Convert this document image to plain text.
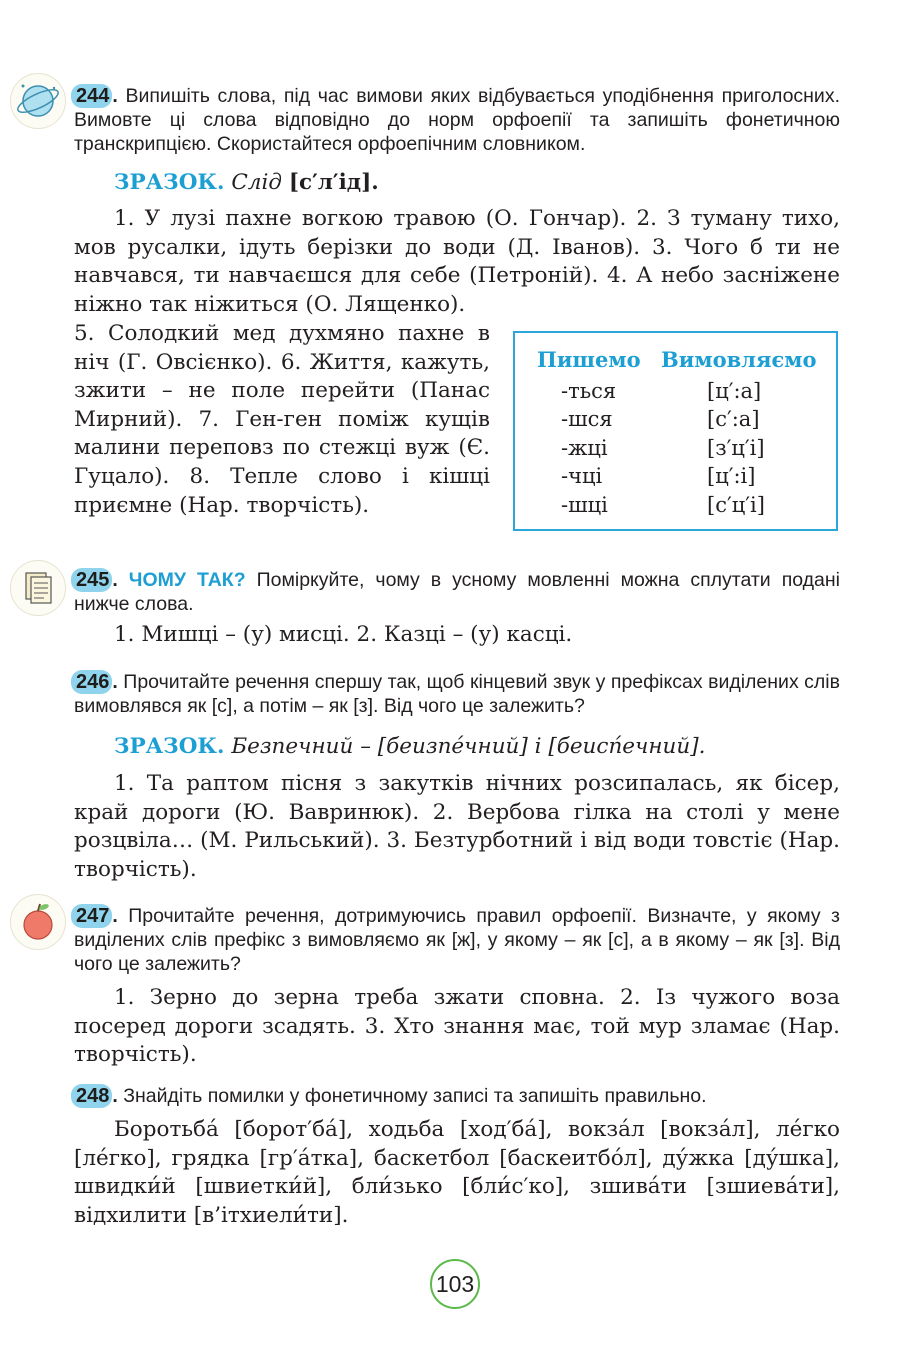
244 . Випишіть слова, під час вимови яких відбувається уподібнення приголосних. Вимовте ці слова відповідно до норм орфоепії та запишіть фонетичною транскрипцією. Скористайтеся орфоепічним словником.
ЗРАЗОК. Слід [с′л′ід].
1. У лузі пахне вогкою травою (О. Гончар). 2. З туману тихо, мов русалки, ідуть берізки до води (Д. Іванов). 3. Чого б ти не навчався, ти навчаєшся для себе (Петроній). 4. А небо засніжене ніжно так ніжиться (О. Лященко).
5. Солодкий мед духмяно пахне в ніч (Г. Овсієнко). 6. Життя, кажуть, зжити – не поле перейти (Панас Мирний). 7. Ген-ген поміж кущів малини переповз по стежці вуж (Є. Гуцало). 8. Тепле слово і кішці приємне (Нар. творчість).
Пишемо Вимовляємо
-ться	[ц′:а]
-шся	[с′:а]
-жці	[з′ц′і]
-чці	[ц′:і]
-шці	[с′ц′і]
245 . ЧОМУ ТАК? Поміркуйте, чому в усному мовленні можна сплутати подані нижче слова.
1. Мишці – (у) мисці. 2. Казці – (у) касці.
246 . Прочитайте речення спершу так, щоб кінцевий звук у префіксах виділених слів вимовлявся як [с], а потім – як [з]. Від чого це залежить?
ЗРАЗОК. Безпечний – [беизпе́чний] і [беисп́ечний].
1. Та раптом пісня з закутків нічних розсипалась, як бісер, край дороги (Ю. Вавринюк). 2. Вербова гілка на столі у мене розцвіла… (М. Рильський). 3. Безтурботний і від води товстіє (Нар. творчість).
247 . Прочитайте речення, дотримуючись правил орфоепії. Визначте, у якому з виділених слів префікс з вимовляємо як [ж], у якому – як [с], а в якому – як [з]. Від чого це залежить?
1. Зерно до зерна треба зжати сповна. 2. Із чужого воза посеред дороги зсадять. 3. Хто знання має, той мур зламає (Нар. творчість).
248 . Знайдіть помилки у фонетичному записі та запишіть правильно.
Боротьба́ [борот′ба́], ходьба [ход′ба́], вокза́л [вокза́л], ле́гко [ле́гко], грядка [гр′а́тка], баскетбол [баскеитбо́л], ду́жка [ду́шка], швидки́й [швиетки́й], бли́зько [бли́с′ко], зшива́ти [зшиева́ти], відхилити [в’ітхиели́ти].
103
